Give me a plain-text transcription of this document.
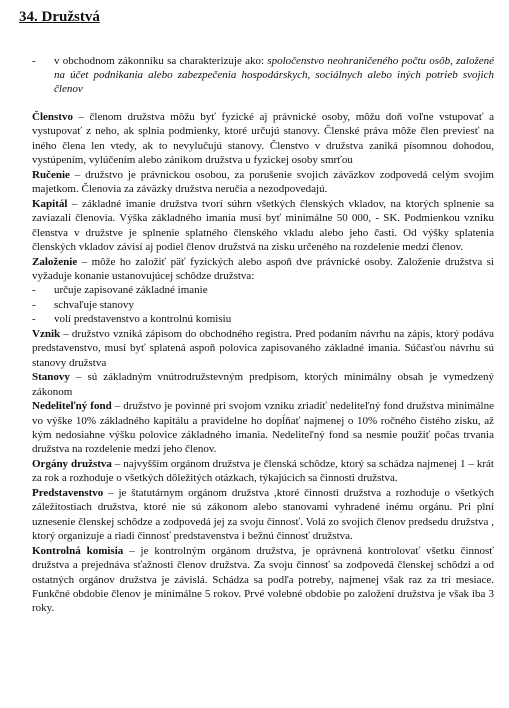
34. Družstvá
- v obchodnom zákonníku sa charakterizuje ako: spoločenstvo neohraničeného počtu osôb, založené na účet podnikania alebo zabezpečenia hospodárskych, sociálnych alebo iných potrieb svojich členov

Členstvo – členom družstva môžu byť fyzické aj právnické osoby, môžu doň voľne vstupovať a vystupovať z neho, ak splnia podmienky, ktoré určujú stanovy. Členské práva môže člen previesť na iného člena len vtedy, ak to nevylučujú stanovy. Členstvo v družstva zaniká písomnou dohodou, vystúpením, vylúčením alebo zánikom družstva u fyzickej osoby smrťou

Ručenie – družstvo je právnickou osobou, za porušenie svojich záväzkov zodpovedá celým svojim majetkom. Členovia za záväzky družstva neručia a nezodpovedajú.

Kapitál – základné imanie družstva tvorí súhrn všetkých členských vkladov, na ktorých splnenie sa zaviazali členovia. Výška základného imania musí byť minimálne 50 000, - SK. Podmienkou vzniku členstva v družstve je splnenie splatného členského vkladu alebo jeho časti. Od výšky splatenia členských vkladov závisí aj podiel členov družstvá na zisku určeného na rozdelenie medzi členov.

Založenie – môže ho založiť päť fyzických alebo aspoň dve právnické osoby. Založenie družstva si vyžaduje konanie ustanovujúcej schôdze družstva:

- určuje zapisované základné imanie
- schvaľuje stanovy
- volí predstavenstvo a kontrolnú komisiu

Vznik – družstvo vzniká zápisom do obchodného registra. Pred podaním návrhu na zápis, ktorý podáva predstavenstvo, musí byť splatená aspoň polovica zapisovaného základné imania. Súčasťou návrhu sú stanovy družstva

Stanovy – sú základným vnútrodružstevným predpisom, ktorých minimálny obsah je vymedzený zákonom

Nedeliteľný fond – družstvo je povinné pri svojom vzniku zriadiť nedeliteľný fond družstva minimálne vo výške 10% základného kapitálu a pravidelne ho dopĺňať najmenej o 10% ročného čistého zisku, až kým nedosiahne výšku polovice základného imania. Nedeliteľný fond sa nesmie použiť počas trvania družstva na rozdelenie medzi jeho členov.

Orgány družstva – najvyšším orgánom družstva je členská schôdze, ktorý sa schádza najmenej 1 – krát za rok a rozhoduje o všetkých dôležitých otázkach, týkajúcich sa činnosti družstva.

Predstavenstvo – je štatutárnym orgánom družstva ,ktoré činnosti družstva a rozhoduje o všetkých záležitostiach družstva, ktoré nie sú zákonom alebo stanovami vyhradené inému orgánu. Pri plní uznesenie členskej schôdze a zodpovedá jej za svoju činnosť. Volá zo svojich členov predsedu družstva , ktorý organizuje a riadi činnosť predstavenstva i bežnú činnosť družstva.

Kontrolná komisia – je kontrolným orgánom družstva, je oprávnená kontrolovať všetku činnosť družstva a prejednáva sťažnosti členov družstva. Za svoju činnosť sa zodpovedá členskej schôdzi a od ostatných orgánov družstva je závislá. Schádza sa podľa potreby, najmenej však raz za tri mesiace. Funkčné obdobie členov je minimálne 5 rokov. Prvé volebné obdobie po založení družstva je však iba 3 roky.
